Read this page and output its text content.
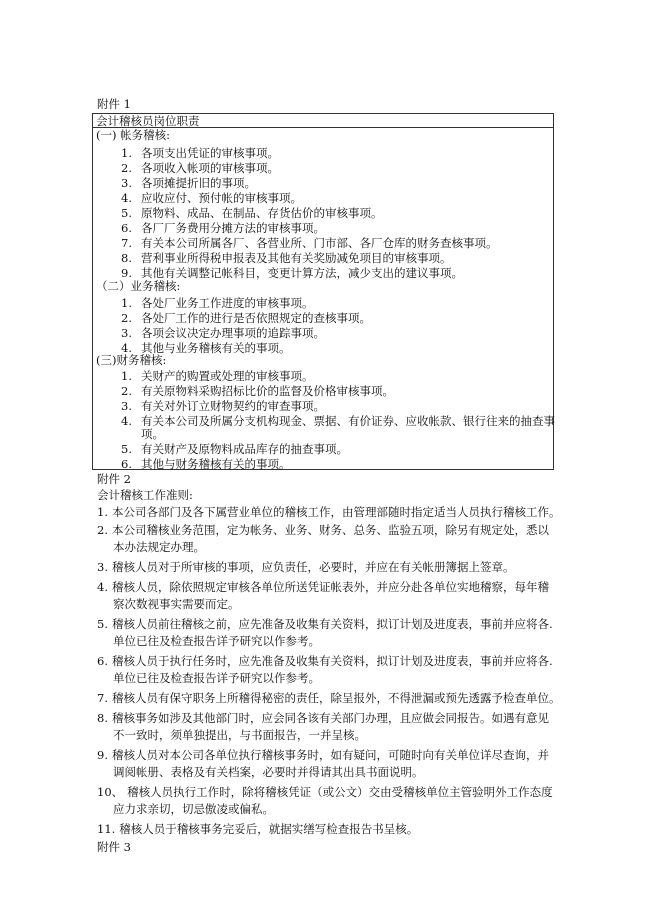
附件 1
会计稽核员岗位职责
(一) 帐务稽核:
1. 各项支出凭证的审核事项。
2. 各项收入帐项的审核事项。
3. 各项摊提折旧的事项。
4. 应收应付、预付帐的审核事项。
5. 原物料、成品、在制品、存货估价的审核事项。
6. 各厂厂务费用分摊方法的审核事项。
7. 有关本公司所属各厂、各营业所、门市部、各厂仓库的财务查核事项。
8. 营利事业所得税申报表及其他有关奖励减免项目的审核事项。
9. 其他有关调整记帐科目，变更计算方法，减少支出的建议事项。
（二）业务稽核:
1. 各处厂业务工作进度的审核事项。
2. 各处厂工作的进行是否依照规定的查核事项。
3. 各项会议决定办理事项的追踪事项。
4. 其他与业务稽核有关的事项。
(三)财务稽核:
1. 关财产的购置或处理的审核事项。
2. 有关原物料采购招标比价的监督及价格审核事项。
3. 有关对外订立财物契约的审查事项。
4. 有关本公司及所属分支机构现金、票据、有价证券、应收帐款、银行往来的抽查事
项。
5. 有关财产及原物料成品库存的抽查事项。
6. 其他与财务稽核有关的事项。
附件 2
会计稽核工作准则:
1. 本公司各部门及各下属营业单位的稽核工作，由管理部随时指定适当人员执行稽核工作。
2. 本公司稽核业务范围，定为帐务、业务、财务、总务、监验五项，除另有规定处，悉以
本办法规定办理。
3. 稽核人员对于所审核的事项，应负责任，必要时，并应在有关帐册簿据上签章。
4. 稽核人员，除依照规定审核各单位所送凭证帐表外，并应分赴各单位实地稽察，每年稽
察次数视事实需要而定。
5. 稽核人员前往稽核之前，应先准备及收集有关资料，拟订计划及进度表，事前并应将各.
单位已往及检查报告详予研究以作参考。
6. 稽核人员于执行任务时，应先准备及收集有关资料，拟订计划及进度表，事前并应将各.
单位已往及检查报告详予研究以作参考。
7. 稽核人员有保守职务上所稽得秘密的责任，除呈报外，不得泄漏或预先透露予检查单位。
8. 稽核事务如涉及其他部门时，应会同各该有关部门办理，且应做会同报告。如遇有意见
不一致时，须单独提出，与书面报告，一并呈核。
9. 稽核人员对本公司各单位执行稽核事务时，如有疑问，可随时向有关单位详尽查询，并
调阅帐册、表格及有关档案，必要时并得请其出具书面说明。
10、 稽核人员执行工作时，除将稽核凭证（或公文）交由受稽核单位主管验明外工作态度
应力求亲切，切忌傲凌或偏私。
11. 稽核人员于稽核事务完妥后，就据实缮写检查报告书呈核。
附件 3
